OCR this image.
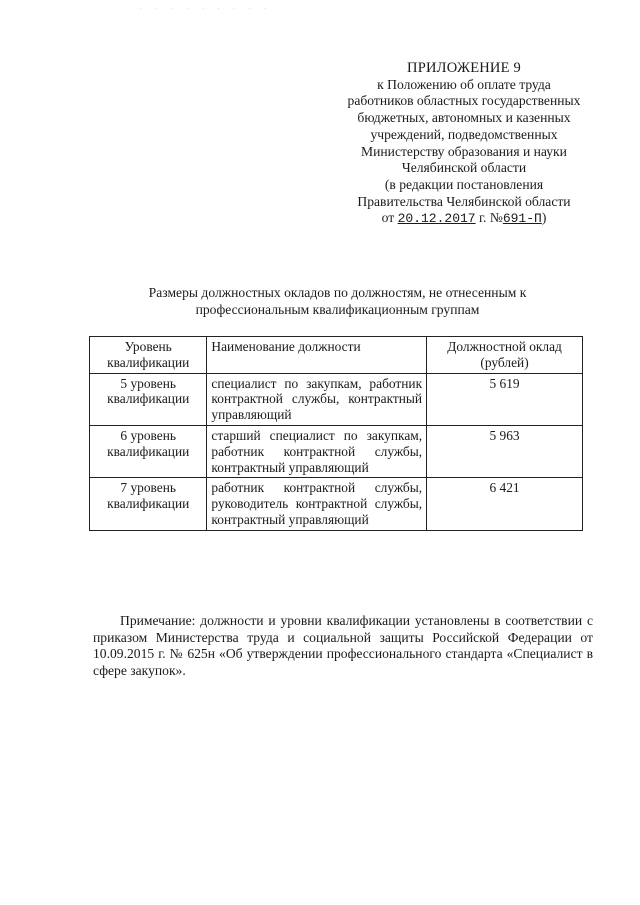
· · · · · · · · ·
ПРИЛОЖЕНИЕ 9
к Положению об оплате труда
работников областных государственных
бюджетных, автономных и казенных
учреждений, подведомственных
Министерству образования и науки
Челябинской области
(в редакции постановления
Правительства Челябинской области
от 20.12.2017 г. №691-П)
Размеры должностных окладов по должностям, не отнесенным к
профессиональным квалификационным группам
Уровень квалификации	Наименование должности	Должностной оклад (рублей)
5 уровень квалификации	специалист по закупкам, работник контрактной службы, контрактный управляющий	5 619
6 уровень квалификации	старший специалист по закупкам, работник контрактной службы, контрактный управляющий	5 963
7 уровень квалификации	работник контрактной службы, руководитель контрактной службы, контрактный управляющий	6 421

Примечание: должности и уровни квалификации установлены в соответствии с приказом Министерства труда и социальной защиты Российской Федерации от 10.09.2015 г. № 625н «Об утверждении профессионального стандарта «Специалист в сфере закупок».
